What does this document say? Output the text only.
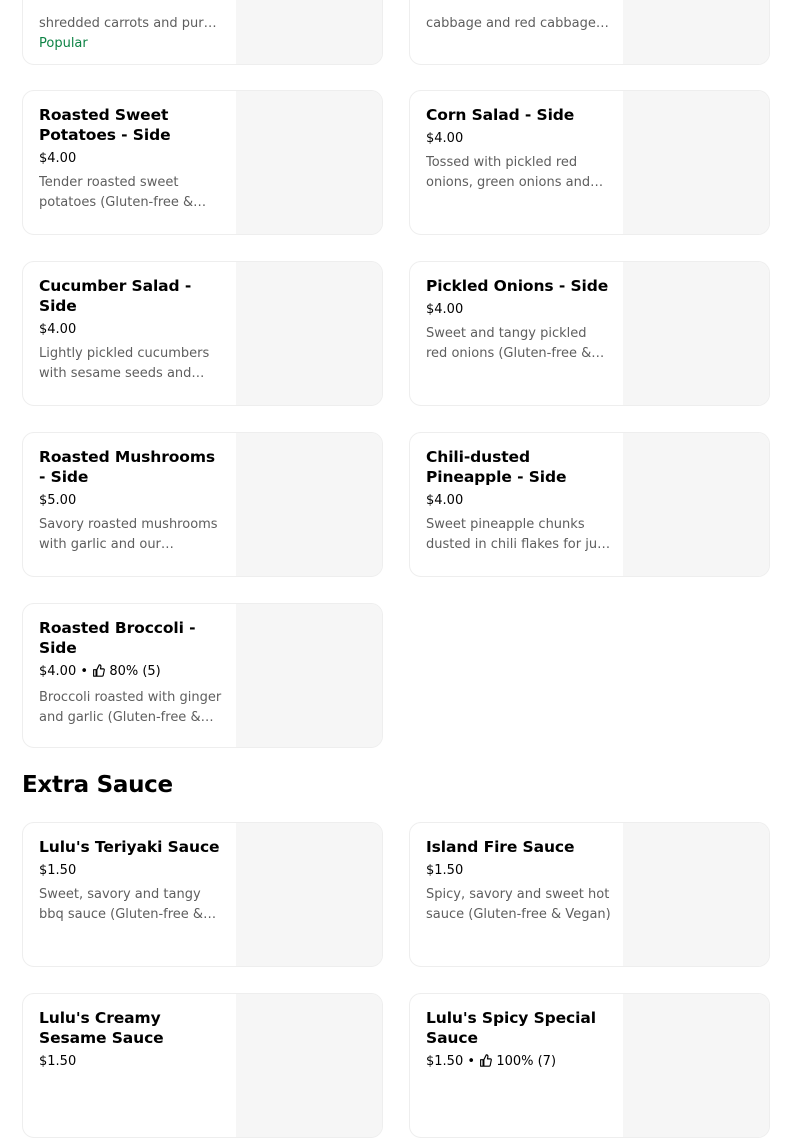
shredded carrots and purple
Popular
cabbage and red cabbage
Roasted Sweet Potatoes - Side
$4.00
Tender roasted sweet potatoes (Gluten-free &
Corn Salad - Side
$4.00
Tossed with pickled red onions, green onions and
Cucumber Salad - Side
$4.00
Lightly pickled cucumbers with sesame seeds and
Pickled Onions - Side
$4.00
Sweet and tangy pickled red onions (Gluten-free &
Roasted Mushrooms - Side
$5.00
Savory roasted mushrooms with garlic and our
Chili-dusted Pineapple - Side
$4.00
Sweet pineapple chunks dusted in chili flakes for just
Roasted Broccoli - Side
$4.00 • 80% (5)
Broccoli roasted with ginger and garlic (Gluten-free &
Extra Sauce
Lulu's Teriyaki Sauce
$1.50
Sweet, savory and tangy bbq sauce (Gluten-free &
Island Fire Sauce
$1.50
Spicy, savory and sweet hot sauce (Gluten-free & Vegan)
Lulu's Creamy Sesame Sauce
$1.50
Lulu's Spicy Special Sauce
$1.50 • 100% (7)
